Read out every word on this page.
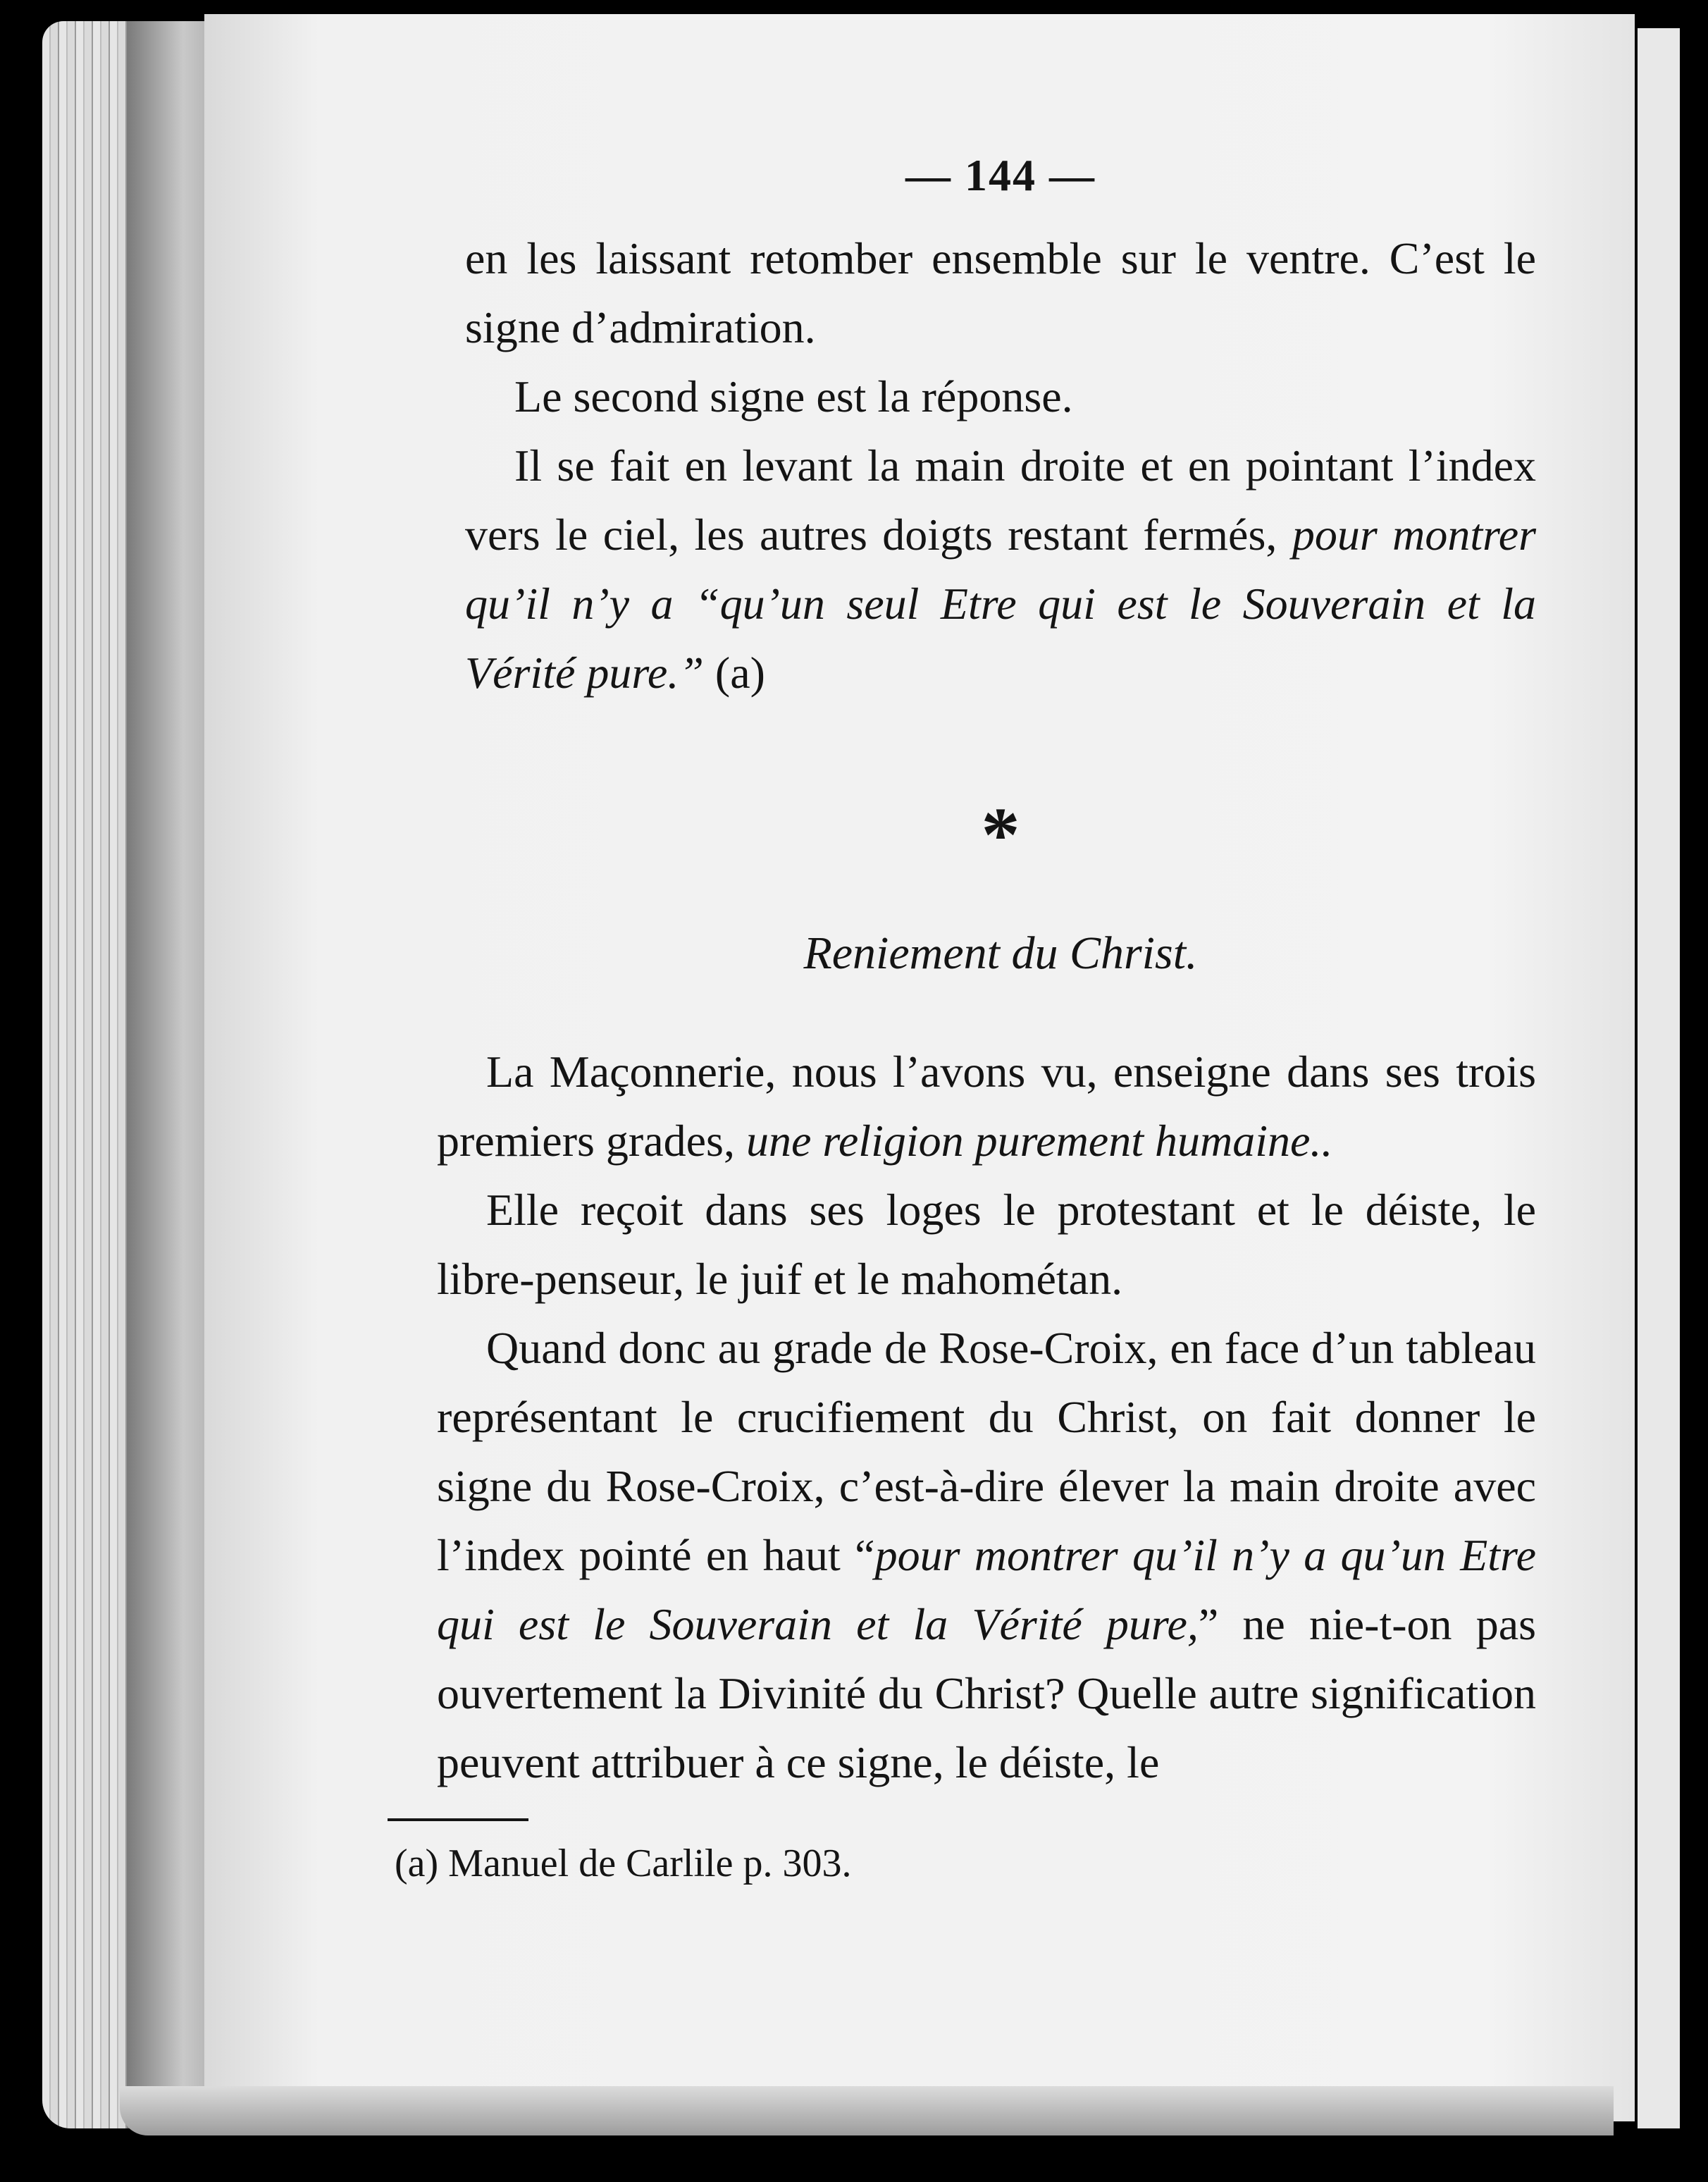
— 144 —

en les laissant retomber ensemble sur le ventre. C’est le signe d’admiration.

Le second signe est la réponse.

Il se fait en levant la main droite et en pointant l’index vers le ciel, les autres doigts restant fermés, pour montrer qu’il n’y a “qu’un seul Etre qui est le Souverain et la Vérité pure.” (a)

*
Reniement du Christ.

La Maçonnerie, nous l’avons vu, enseigne dans ses trois premiers grades, une religion purement humaine..

Elle reçoit dans ses loges le protestant et le déiste, le libre-penseur, le juif et le mahométan.

Quand donc au grade de Rose-Croix, en face d’un tableau représentant le crucifiement du Christ, on fait donner le signe du Rose-Croix, c’est-à-dire élever la main droite avec l’index pointé en haut “pour montrer qu’il n’y a qu’un Etre qui est le Souverain et la Vérité pure,” ne nie-t-on pas ouvertement la Divinité du Christ? Quelle autre signification peuvent attribuer à ce signe, le déiste, le

(a) Manuel de Carlile p. 303.
